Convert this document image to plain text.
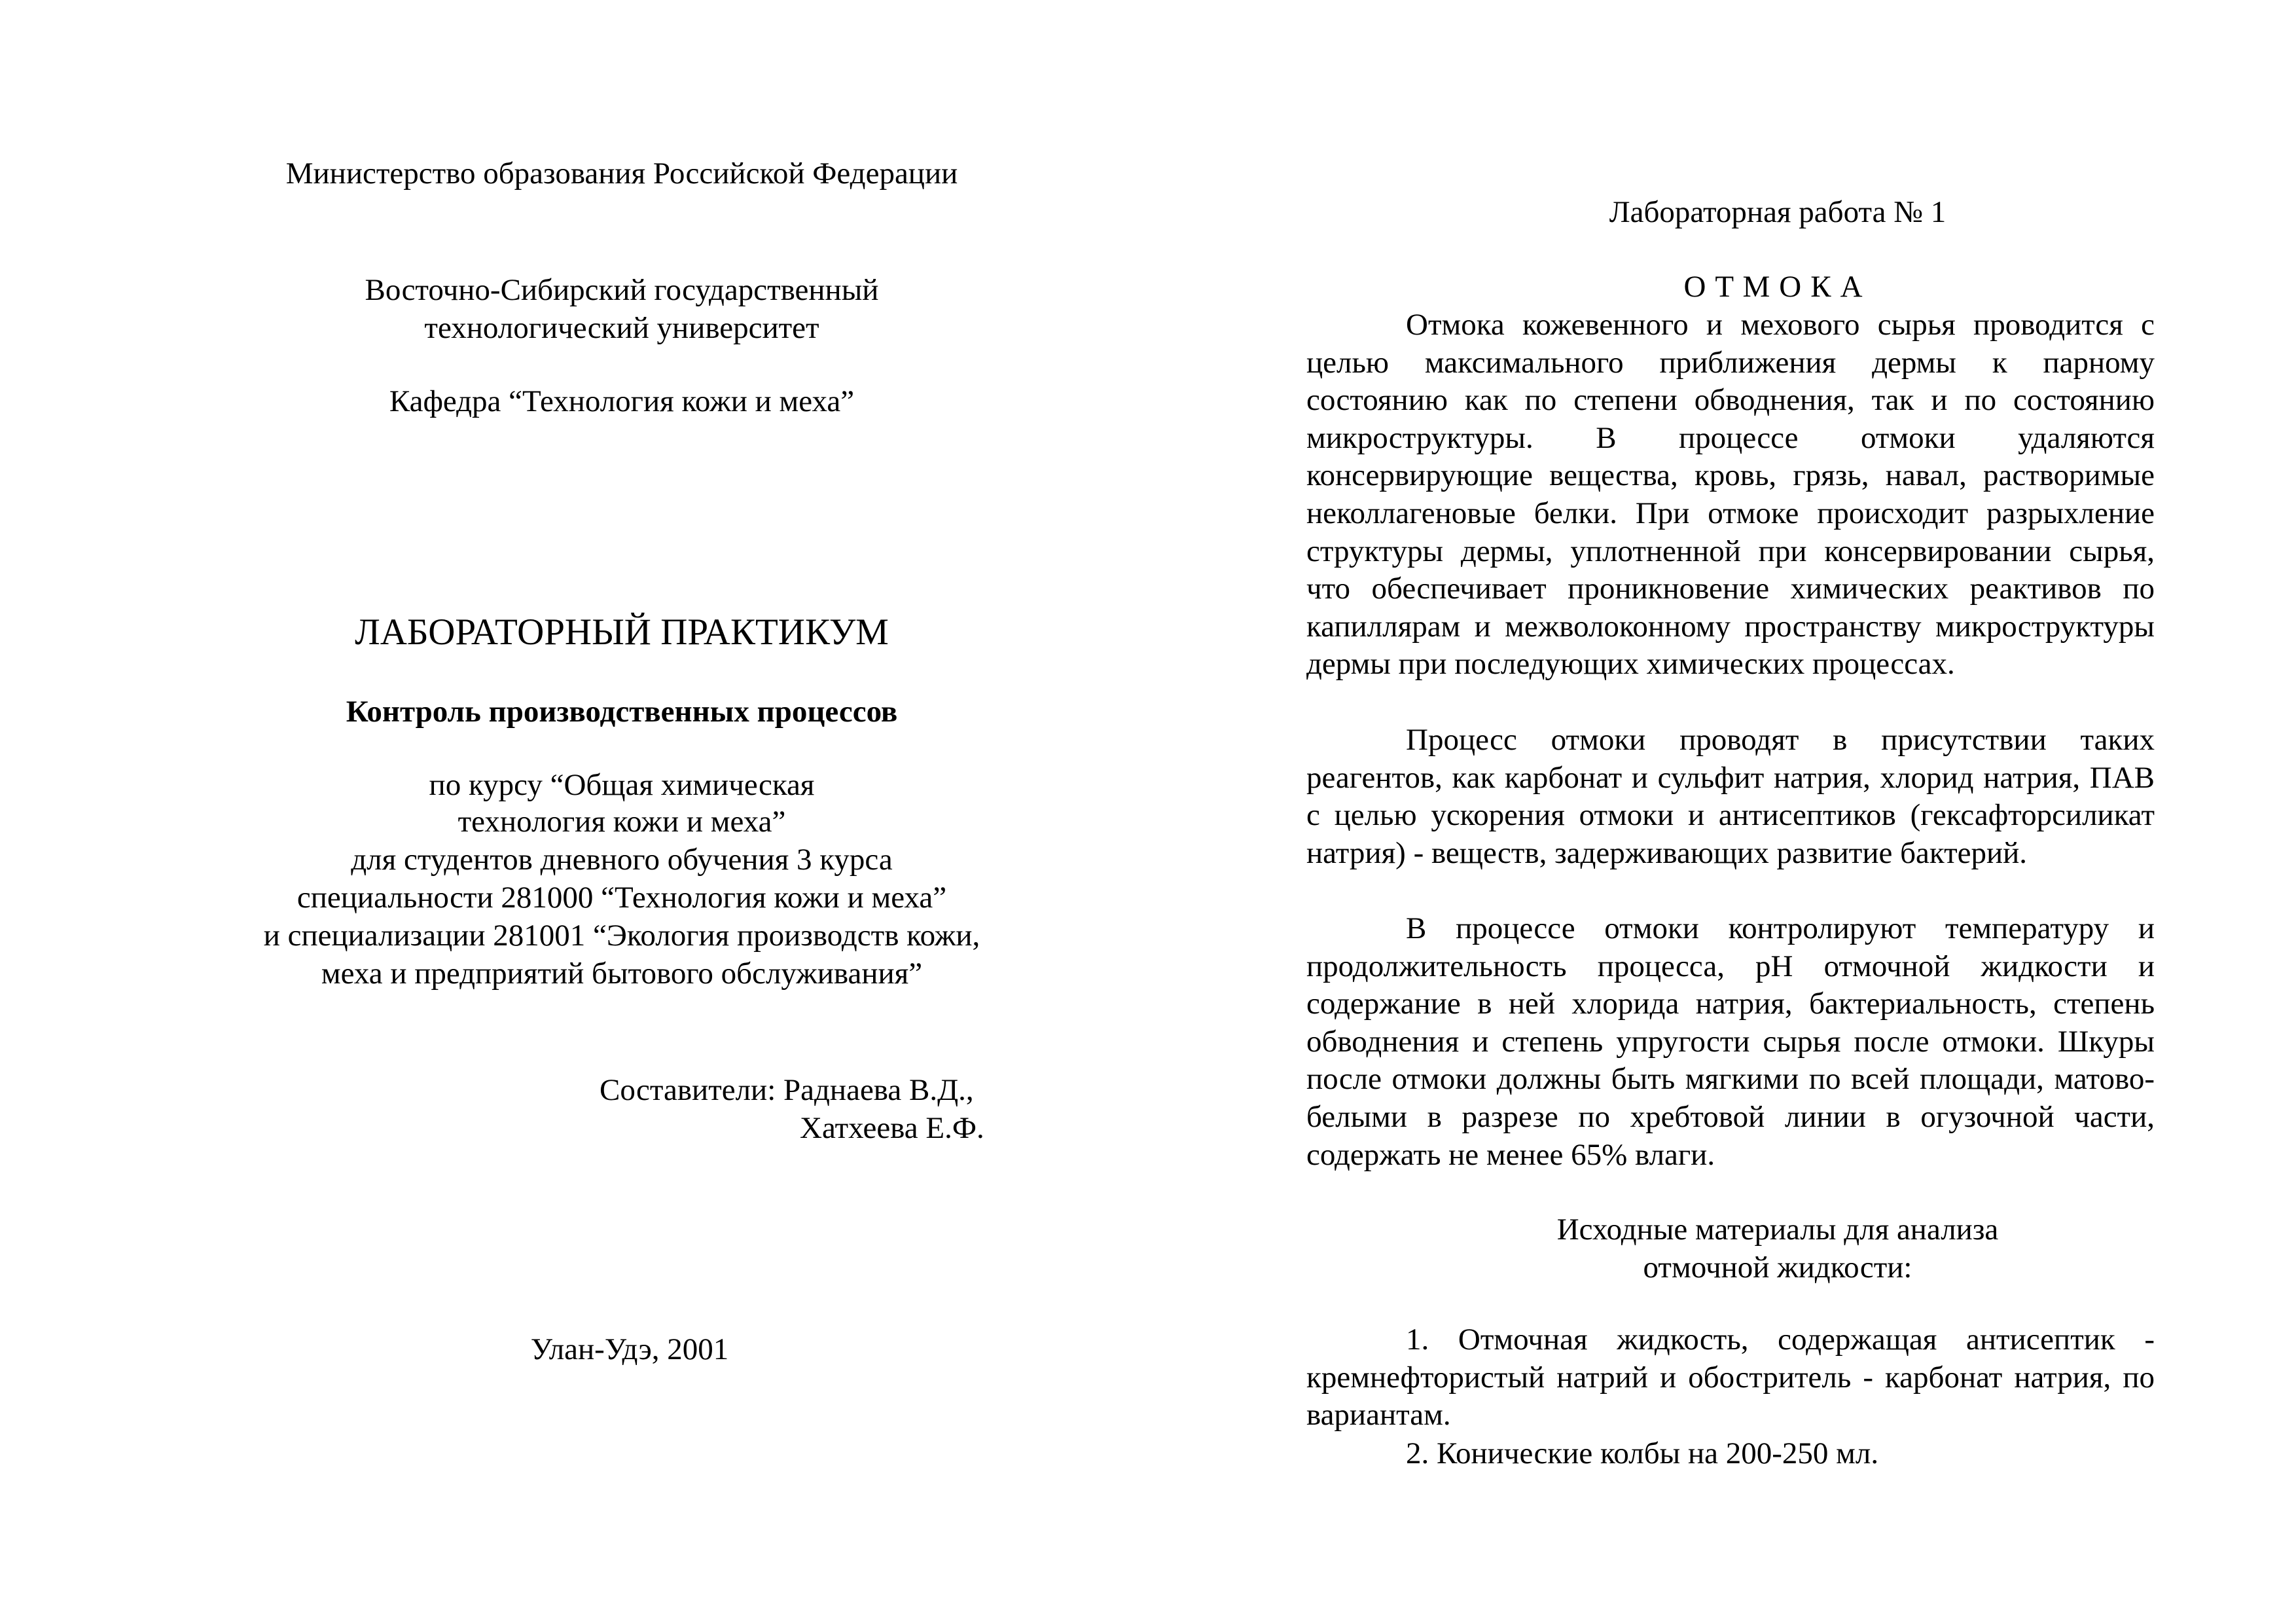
Министерство образования Российской Федерации
Восточно-Сибирский государственный
технологический университет
Кафедра “Технология кожи и меха”
ЛАБОРАТОРНЫЙ ПРАКТИКУМ
Контроль производственных процессов
по курсу “Общая химическая
технология кожи и меха”
для студентов дневного обучения 3 курса
специальности 281000 “Технология кожи и меха”
и специализации 281001 “Экология производств кожи,
меха и предприятий бытового обслуживания”
Составители: Раднаева В.Д.,
Хатхеева Е.Ф.
Улан-Удэ, 2001
Лабораторная работа № 1
ОТМОКА
Отмока кожевенного и мехового сырья проводится с целью максимального приближения дермы к парному состоянию как по степени обводнения, так и по состоянию микроструктуры. В процессе отмоки удаляются консервирующие вещества, кровь, грязь, навал, растворимые неколлагеновые белки. При отмоке происходит разрыхление структуры дермы, уплотненной при консервировании сырья, что обеспечивает проникновение химических реактивов по капиллярам и межволоконному пространству микроструктуры дермы при последующих химических процессах.
Процесс отмоки проводят в присутствии таких реагентов, как карбонат и сульфит натрия, хлорид натрия, ПАВ с целью ускорения отмоки и антисептиков (гексафторсиликат натрия) - веществ, задерживающих развитие бактерий.
В процессе отмоки контролируют температуру и продолжительность процесса, pH отмочной жидкости и содержание в ней хлорида натрия, бактериальность, степень обводнения и степень упругости сырья после отмоки. Шкуры после отмоки должны быть мягкими по всей площади, матово-белыми в разрезе по хребтовой линии в огузочной части, содержать не менее 65% влаги.
Исходные материалы для анализа
отмочной жидкости:
1. Отмочная жидкость, содержащая антисептик - кремнефтористый натрий и обостритель - карбонат натрия, по вариантам.
2. Конические колбы на 200-250 мл.
